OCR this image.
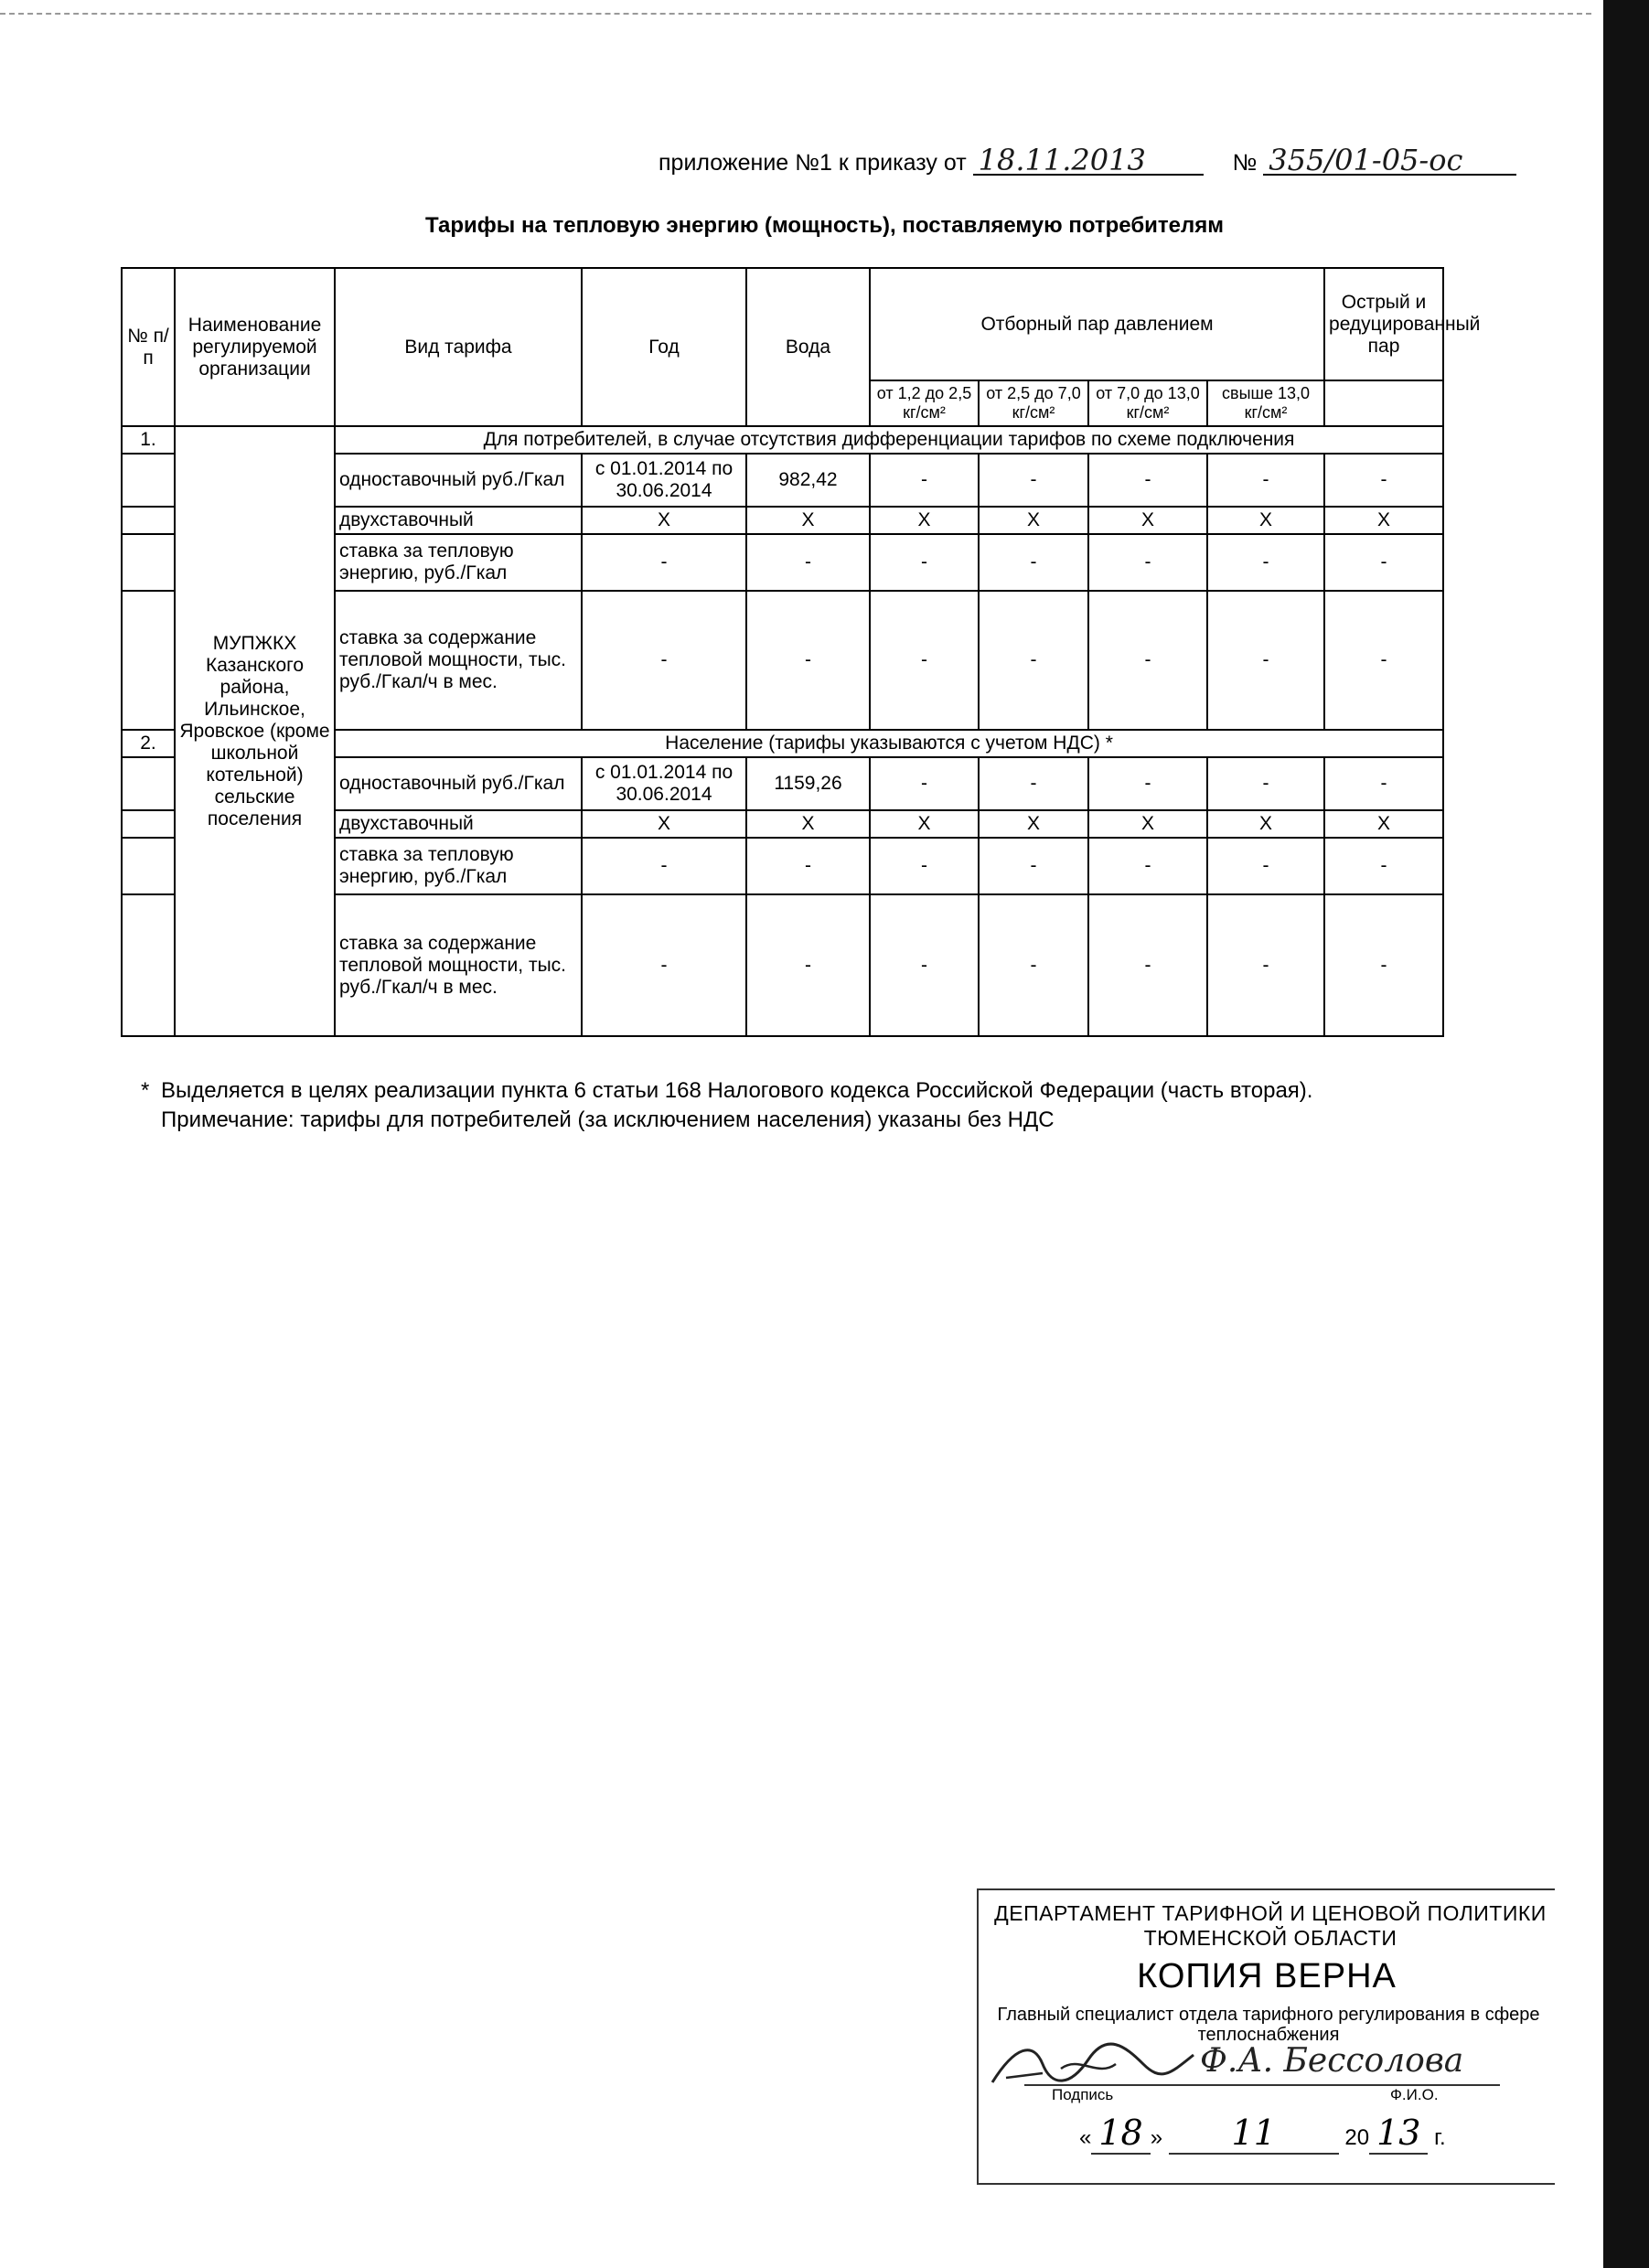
приложение №1 к приказу от 18.11.2013	№ 355/01-05-ос
Тарифы на тепловую энергию (мощность), поставляемую потребителям
№ п/п	Наименование регулируемой организации	Вид тарифа	Год	Вода	Отборный пар давлением				Острый и редуцированный пар
					от 1,2 до 2,5 кг/см²	от 2,5 до 7,0 кг/см²	от 7,0 до 13,0 кг/см²	свыше 13,0 кг/см²	
1.	МУПЖКХ Казанского района, Ильинское, Яровское (кроме школьной котельной) сельские поселения	Для потребителей, в случае отсутствия дифференциации тарифов по схеме подключения							
		одноставочный руб./Гкал	с 01.01.2014 по 30.06.2014	982,42	-	-	-	-	-
		двухставочный	Х	Х	Х	Х	Х	Х	Х
		ставка за тепловую энергию, руб./Гкал	-	-	-	-	-	-	-
		ставка за содержание тепловой мощности, тыс. руб./Гкал/ч в мес.	-	-	-	-	-	-	-
2.		Население (тарифы указываются с учетом НДС) *							
		одноставочный руб./Гкал	с 01.01.2014 по 30.06.2014	1159,26	-	-	-	-	-
		двухставочный	Х	Х	Х	Х	Х	Х	Х
		ставка за тепловую энергию, руб./Гкал	-	-	-	-	-	-	-
		ставка за содержание тепловой мощности, тыс. руб./Гкал/ч в мес.	-	-	-	-	-	-	-
* Выделяется в целях реализации пункта 6 статьи 168 Налогового кодекса Российской Федерации (часть вторая).
Примечание: тарифы для потребителей (за исключением населения) указаны без НДС
ДЕПАРТАМЕНТ ТАРИФНОЙ И ЦЕНОВОЙ ПОЛИТИКИ ТЮМЕНСКОЙ ОБЛАСТИ
КОПИЯ ВЕРНА
Главный специалист отдела тарифного регулирования в сфере теплоснабжения
Ф.А. Бессолова
Подпись	Ф.И.О.
« 18 » 11	20 13 г.
